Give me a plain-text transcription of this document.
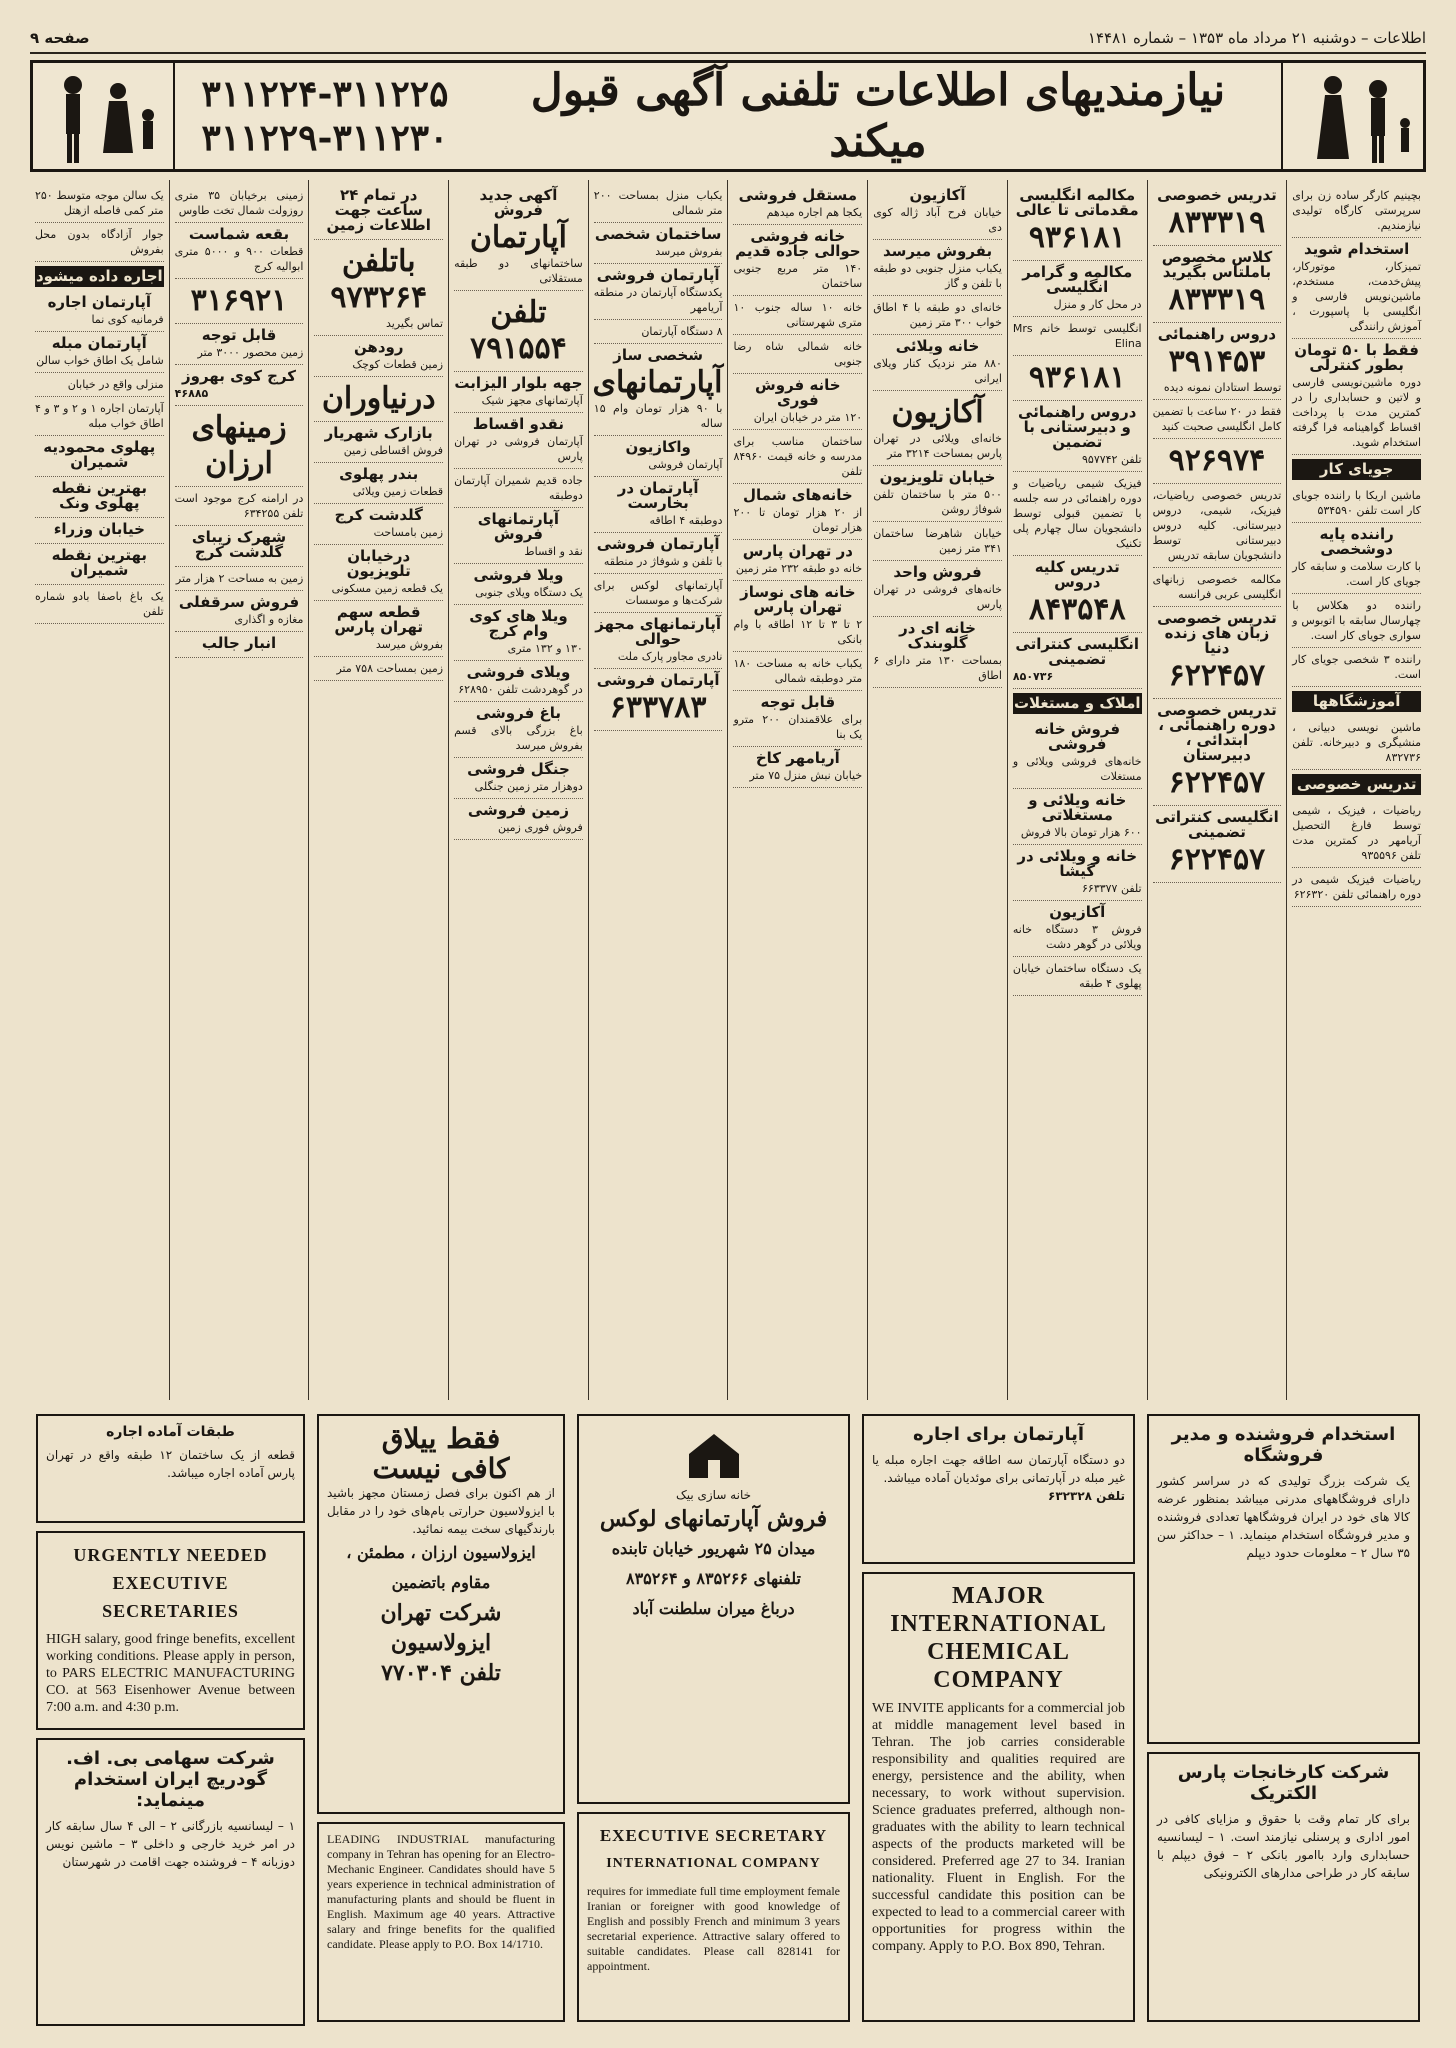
صفحه ۹	اطلاعات – دوشنبه ۲۱ مرداد ماه ۱۳۵۳ – شماره ۱۴۴۸۱
۳۱۱۲۲۴-۳۱۱۲۲۵
۳۱۱۲۲۹-۳۱۱۲۳۰
نیازمندیهای اطلاعات تلفنی آگهی قبول میکند
بچینیم کارگر ساده زن برای سرپرستی کارگاه تولیدی نیازمندیم.
استخدام شوید
تمیزکار، موتورکار، پیش‌خدمت، مستخدم، ماشین‌نویس فارسی و انگلیسی با پاسپورت ، آموزش رانندگی
فقط با ۵۰ تومان بطور کنترلی
دوره ماشین‌نویسی فارسی و لاتین و حسابداری را در کمترین مدت با پرداخت اقساط گواهینامه فرا گرفته استخدام شوید.
جویای کار
ماشین اریکا با راننده جویای کار است تلفن ۵۳۴۵۹۰
راننده پایه دوشخصی
با کارت سلامت و سابقه کار جویای کار است.
راننده دو هکلاس با چهارسال سابقه با اتوبوس و سواری جویای کار است.
راننده ۳ شخصی جویای کار است.
آموزشگاهها
ماشین نویسی دبیانی ، منشیگری و دبیرخانه. تلفن ۸۳۲۷۳۶
تدریس خصوصی
ریاضیات ، فیزیک ، شیمی توسط فارغ التحصیل آریامهر در کمترین مدت تلفن ۹۳۵۵۹۶
ریاضیات فیزیک شیمی در دوره راهنمائی تلفن ۶۲۶۳۲۰
تدریس خصوصی
۸۳۳۳۱۹
کلاس مخصوص باملتاس بگیرید
۸۳۳۳۱۹
دروس راهنمائی
۳۹۱۴۵۳
توسط استادان نمونه دیده
فقط در ۲۰ ساعت با تضمین کامل انگلیسی صحبت کنید
۹۲۶۹۷۴
تدریس خصوصی ریاضیات، فیزیک، شیمی، دروس دبیرستانی. کلیه دروس دبیرستانی توسط دانشجویان سابقه تدریس
مکالمه خصوصی زبانهای انگلیسی عربی فرانسه
تدریس خصوصی زبان های زنده دنیا
۶۲۲۴۵۷
تدریس خصوصی دوره راهنمائی ، ابتدائی ، دبیرستان
۶۲۲۴۵۷
انگلیسی کنتراتی تضمینی
۶۲۲۴۵۷
مکالمه انگلیسی مقدماتی تا عالی
۹۳۶۱۸۱
مکالمه و گرامر انگلیسی
در محل کار و منزل
انگلیسی توسط خانم Mrs Elina
۹۳۶۱۸۱
دروس راهنمائی و دبیرستانی با تضمین
تلفن ۹۵۷۷۴۲
فیزیک شیمی ریاضیات و دوره راهنمائی در سه جلسه با تضمین قبولی توسط دانشجویان سال چهارم پلی تکنیک
تدریس کلیه دروس
۸۴۳۵۴۸
انگلیسی کنتراتی تضمینی
۸۵۰۷۳۶
املاک و مستغلات
فروش خانه فروشی
خانه‌های فروشی ویلائی و مستغلات
خانه ویلائی و مستغلاتی
۶۰۰ هزار تومان بالا فروش
خانه و ویلائی در گیشا
تلفن ۶۶۳۳۷۷
آکازیون
فروش ۳ دستگاه خانه ویلائی در گوهر دشت
یک دستگاه ساختمان خیابان پهلوی ۴ طبقه
آکازیون
خیابان فرح آباد ژاله کوی دی
بفروش میرسد
یکباب منزل جنوبی دو طبقه با تلفن و گاز
خانه‌ای دو طبقه با ۴ اطاق خواب ۳۰۰ متر زمین
خانه ویلائی
۸۸۰ متر نزدیک کنار ویلای ایرانی
آکازیون
خانه‌ای ویلائی در تهران پارس بمساحت ۳۲۱۴ متر
خیابان تلویزیون
۵۰۰ متر با ساختمان تلفن شوفاژ روشن
خیابان شاهرضا ساختمان ۳۴۱ متر زمین
فروش واحد
خانه‌های فروشی در تهران پارس
خانه ای در گلوبندک
بمساحت ۱۳۰ متر دارای ۶ اطاق
مستقل فروشی
یکجا هم اجاره میدهم
خانه فروشی حوالی جاده قدیم
۱۴۰ متر مربع جنوبی ساختمان
خانه ۱۰ ساله جنوب ۱۰ متری شهرستانی
خانه شمالی شاه رضا جنوبی
خانه فروش فوری
۱۲۰ متر در خیابان ایران
ساختمان مناسب برای مدرسه و خانه قیمت ۸۴۹۶۰ تلفن
خانه‌های شمال
از ۲۰ هزار تومان تا ۲۰۰ هزار تومان
در تهران پارس
خانه دو طبقه ۲۳۲ متر زمین
خانه های نوساز تهران پارس
۲ تا ۳ تا ۱۲ اطاقه با وام بانکی
یکباب خانه به مساحت ۱۸۰ متر دوطبقه شمالی
قابل توجه
برای علاقمندان ۲۰۰ مترو یک بنا
آریامهر کاخ
خیابان نبش منزل ۷۵ متر
یکباب منزل بمساحت ۲۰۰ متر شمالی
ساختمان شخصی
بفروش میرسد
آپارتمان فروشی
یکدستگاه آپارتمان در منطقه آریامهر
۸ دستگاه آپارتمان
شخصی ساز
آپارتمانهای
با ۹۰ هزار تومان وام ۱۵ ساله
واکازیون
آپارتمان فروشی
آپارتمان در بخارست
دوطبقه ۴ اطاقه
آپارتمان فروشی
با تلفن و شوفاژ در منطقه
آپارتمانهای لوکس برای شرکت‌ها و موسسات
آپارتمانهای مجهز حوالی
نادری مجاور پارک ملت
آپارتمان فروشی
۶۳۳۷۸۳
آکهی جدید فروش
آپارتمان
ساختمانهای دو طبقه مستقلاتی
تلفن ۷۹۱۵۵۴
جهه بلوار الیزابت
آپارتمانهای مجهز شیک
نقدو اقساط
آپارتمان فروشی در تهران پارس
جاده قدیم شمیران آپارتمان دوطبقه
آپارتمانهای فروش
نقد و اقساط
ویلا فروشی
یک دستگاه ویلای جنوبی
ویلا های کوی وام کرج
۱۳۰ و ۱۳۲ متری
ویلای فروشی
در گوهردشت تلفن ۶۲۸۹۵۰
باغ فروشی
باغ بزرگی بالای قسم بفروش میرسد
جنگل فروشی
دوهزار متر زمین جنگلی
زمین فروشی
فروش فوری زمین
در تمام ۲۴ ساعت جهت اطلاعات زمین
باتلفن ۹۷۳۲۶۴
تماس بگیرید
رودهن
زمین قطعات کوچک
درنیاوران
بازارک شهریار
فروش اقساطی زمین
بندر پهلوی
قطعات زمین ویلائی
گلدشت کرج
زمین بامساحت
درخیابان تلویزیون
یک قطعه زمین مسکونی
قطعه سهم تهران پارس
بفروش میرسد
زمین بمساحت ۷۵۸ متر
زمینی برخیابان ۳۵ متری روزولت شمال تخت طاوس
بقعه شماست
قطعات ۹۰۰ و ۵۰۰۰ متری ابوالیه کرج
۳۱۶۹۲۱
قابل توجه
زمین محصور ۳۰۰۰ متر
کرج کوی بهروز
۴۶۸۸۵
زمینهای ارزان
در ارامنه کرج موجود است تلفن ۶۳۴۲۵۵
شهرک زیبای گلدشت کرج
زمین به مساحت ۲ هزار متر
فروش سرقفلی
مغازه و اگذاری
انبار جالب
یک سالن موجه متوسط ۲۵۰ متر کمی فاصله ازهتل
جوار آزادگاه بدون محل بفروش
اجاره داده میشود
آپارتمان اجاره
فرمانیه کوی نما
آپارتمان مبله
شامل یک اطاق خواب سالن
منزلی واقع در خیابان
آپارتمان اجاره ۱ و ۲ و ۳ و ۴ اطاق خواب مبله
پهلوی محمودیه شمیران
بهترین نقطه پهلوی ونک
خیابان وزراء
بهترین نقطه شمیران
یک باغ باصفا بادو شماره تلفن
استخدام فروشنده و مدیر فروشگاه
یک شرکت بزرگ تولیدی که در سراسر کشور دارای فروشگاههای مدرنی میباشد بمنظور عرضه کالا های خود در ایران فروشگاهها تعدادی فروشنده و مدیر فروشگاه استخدام مینماید. ۱ – حداکثر سن ۳۵ سال ۲ – معلومات حدود دیپلم
شرکت کارخانجات پارس الکتریک
برای کار تمام وقت با حقوق و مزایای کافی در امور اداری و پرسنلی نیازمند است. ۱ – لیسانسیه حسابداری وارد باامور بانکی ۲ – فوق دیپلم با سابقه کار در طراحی مدارهای الکترونیکی
آپارتمان برای اجاره
دو دستگاه آپارتمان سه اطاقه جهت اجاره مبله یا غیر مبله در آپارتمانی برای موئدیان آماده میباشد.
تلفن ۶۳۲۳۲۸
MAJOR
INTERNATIONAL
CHEMICAL
COMPANY
WE INVITE applicants for a commercial job at middle management level based in Tehran. The job carries considerable responsibility and qualities required are energy, persistence and the ability, when necessary, to work without supervision. Science graduates preferred, although non-graduates with the ability to learn technical aspects of the products marketed will be considered. Preferred age 27 to 34. Iranian nationality. Fluent in English. For the successful candidate this position can be expected to lead to a commercial career with opportunities for progress within the company. Apply to P.O. Box 890, Tehran.
خانه سازی بیک
فروش آپارتمانهای لوکس
میدان ۲۵ شهریور خیابان تابنده
تلفنهای ۸۳۵۲۶۶ و ۸۳۵۲۶۴
درباغ میران سلطنت آباد
EXECUTIVE SECRETARY
INTERNATIONAL COMPANY
requires for immediate full time employment female Iranian or foreigner with good knowledge of English and possibly French and minimum 3 years secretarial experience. Attractive salary offered to suitable candidates. Please call 828141 for appointment.
فقط ییلاق
کافی نیست
از هم اکنون برای فصل زمستان مجهز باشید با ایزولاسیون حرارتی بام‌های خود را در مقابل بارندگیهای سخت بیمه نمائید.
ایزولاسیون ارزان ، مطمئن ، مقاوم باتضمین
شرکت تهران ایزولاسیون
تلفن ۷۷۰۳۰۴
LEADING INDUSTRIAL manufacturing company in Tehran has opening for an Electro-Mechanic Engineer. Candidates should have 5 years experience in technical administration of manufacturing plants and should be fluent in English. Maximum age 40 years. Attractive salary and fringe benefits for the qualified candidate. Please apply to P.O. Box 14/1710.
طبقات آماده اجاره
قطعه از یک ساختمان ۱۲ طبقه واقع در تهران پارس آماده اجاره میباشد.
URGENTLY NEEDED
EXECUTIVE SECRETARIES
HIGH salary, good fringe benefits, excellent working conditions. Please apply in person, to PARS ELECTRIC MANUFACTURING CO. at 563 Eisenhower Avenue between 7:00 a.m. and 4:30 p.m.
شرکت سهامی بی. اف. گودریچ ایران استخدام مینماید:
۱ – لیسانسیه بازرگانی ۲ – الی ۴ سال سابقه کار در امر خرید خارجی و داخلی ۳ – ماشین نویس دوزبانه ۴ – فروشنده جهت اقامت در شهرستان
